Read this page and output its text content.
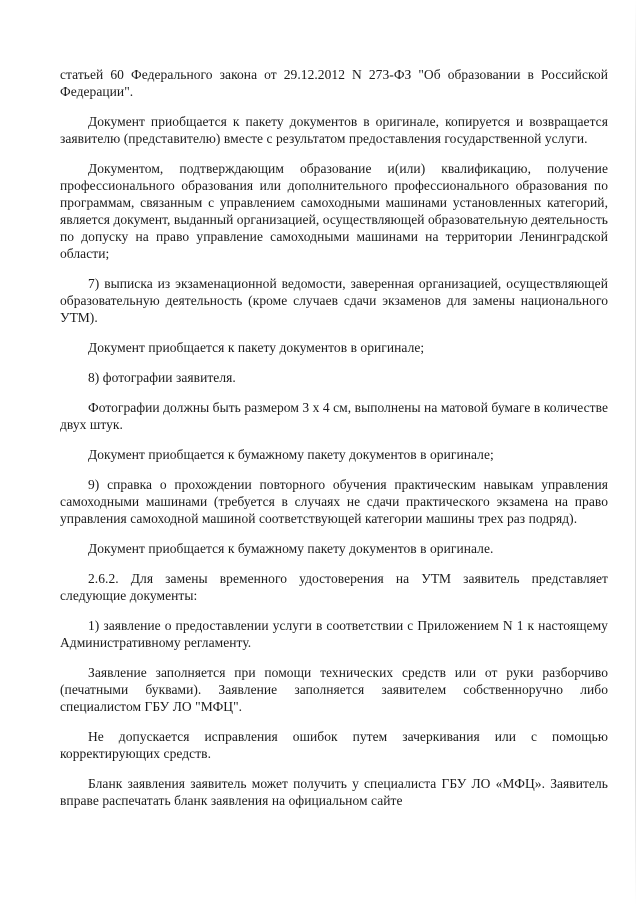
статьей 60 Федерального закона от 29.12.2012 N 273-ФЗ "Об образовании в Российской Федерации".

Документ приобщается к пакету документов в оригинале, копируется и возвращается заявителю (представителю) вместе с результатом предоставления государственной услуги.

Документом, подтверждающим образование и(или) квалификацию, получение профессионального образования или дополнительного профессионального образования по программам, связанным с управлением самоходными машинами установленных категорий, является документ, выданный организацией, осуществляющей образовательную деятельность по допуску на право управление самоходными машинами на территории Ленинградской области;

7) выписка из экзаменационной ведомости, заверенная организацией, осуществляющей образовательную деятельность (кроме случаев сдачи экзаменов для замены национального УТМ).

Документ приобщается к пакету документов в оригинале;

8) фотографии заявителя.

Фотографии должны быть размером 3 х 4 см, выполнены на матовой бумаге в количестве двух штук.

Документ приобщается к бумажному пакету документов в оригинале;

9) справка о прохождении повторного обучения практическим навыкам управления самоходными машинами (требуется в случаях не сдачи практического экзамена на право управления самоходной машиной соответствующей категории машины трех раз подряд).

Документ приобщается к бумажному пакету документов в оригинале.

2.6.2. Для замены временного удостоверения на УТМ заявитель представляет следующие документы:

1) заявление о предоставлении услуги в соответствии с Приложением N 1 к настоящему Административному регламенту.

Заявление заполняется при помощи технических средств или от руки разборчиво (печатными буквами). Заявление заполняется заявителем собственноручно либо специалистом ГБУ ЛО "МФЦ".

Не допускается исправления ошибок путем зачеркивания или с помощью корректирующих средств.

Бланк заявления заявитель может получить у специалиста ГБУ ЛО «МФЦ». Заявитель вправе распечатать бланк заявления на официальном сайте
